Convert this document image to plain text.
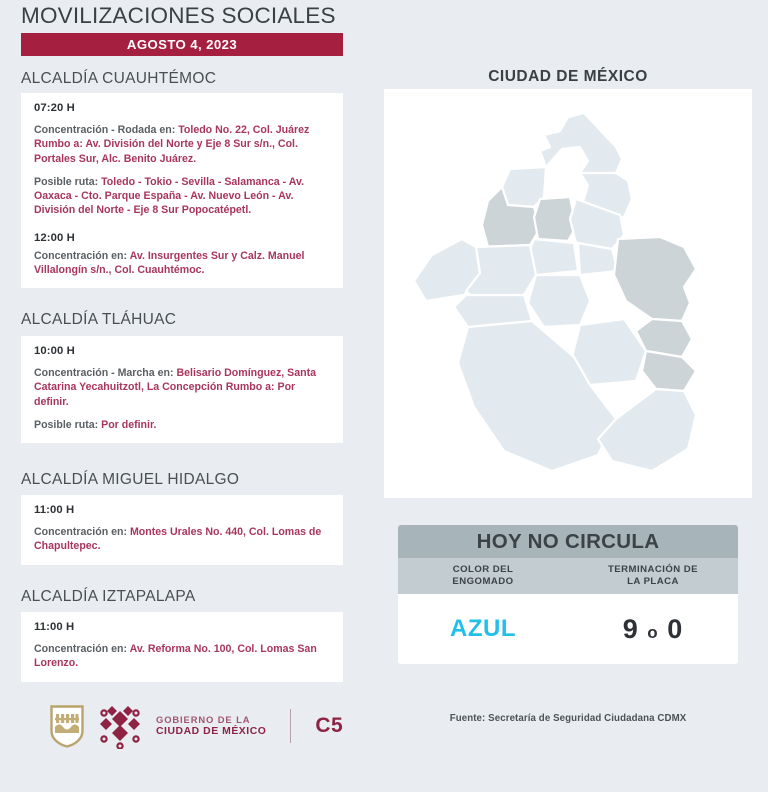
MOVILIZACIONES SOCIALES
AGOSTO 4, 2023
ALCALDÍA CUAUHTÉMOC
07:20 H
Concentración - Rodada en: Toledo No. 22, Col. Juárez Rumbo a: Av. División del Norte y Eje 8 Sur s/n., Col. Portales Sur, Alc. Benito Juárez.
Posible ruta: Toledo - Tokio - Sevilla - Salamanca - Av. Oaxaca - Cto. Parque España - Av. Nuevo León - Av. División del Norte - Eje 8 Sur Popocatépetl.
12:00 H
Concentración en: Av. Insurgentes Sur y Calz. Manuel Villalongín s/n., Col. Cuauhtémoc.
ALCALDÍA TLÁHUAC
10:00 H
Concentración - Marcha en: Belisario Domínguez, Santa Catarina Yecahuitzotl, La Concepción Rumbo a: Por definir.
Posible ruta: Por definir.
ALCALDÍA MIGUEL HIDALGO
11:00 H
Concentración en: Montes Urales No. 440, Col. Lomas de Chapultepec.
ALCALDÍA IZTAPALAPA
11:00 H
Concentración en: Av. Reforma No. 100, Col. Lomas San Lorenzo.
GOBIERNO DE LA
CIUDAD DE MÉXICO C5
CIUDAD DE MÉXICO
HOY NO CIRCULA
COLOR DEL
ENGOMADO
TERMINACIÓN DE
LA PLACA
AZUL	9 o 0
Fuente: Secretaría de Seguridad Ciudadana CDMX
